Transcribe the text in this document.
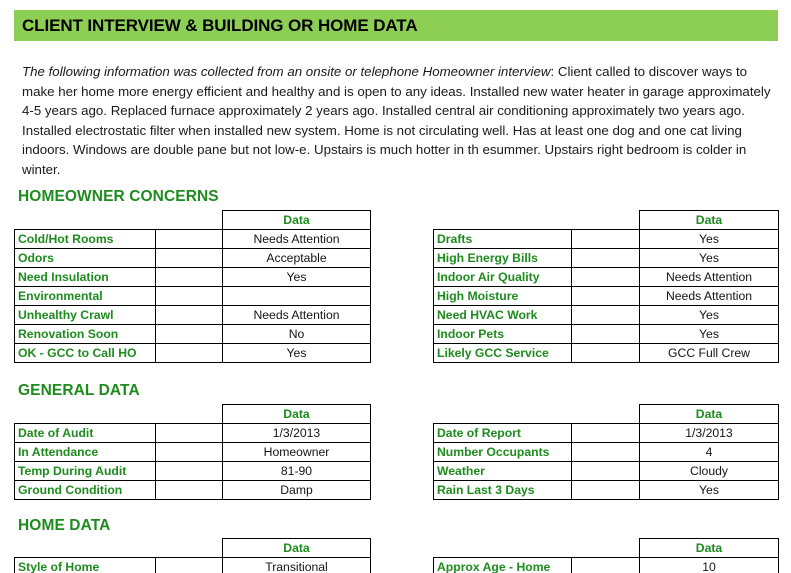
CLIENT INTERVIEW & BUILDING OR HOME DATA
The following information was collected from an onsite or telephone Homeowner interview: Client called to discover ways to make her home more energy efficient and healthy and is open to any ideas. Installed new water heater in garage approximately 4-5 years ago. Replaced furnace approximately 2 years ago. Installed central air conditioning approximately two years ago. Installed electrostatic filter when installed new system. Home is not circulating well. Has at least one dog and one cat living indoors. Windows are double pane but not low-e. Upstairs is much hotter in th esummer. Upstairs right bedroom is colder in winter.
HOMEOWNER CONCERNS
		Data
Cold/Hot Rooms		Needs Attention
Odors		Acceptable
Need Insulation		Yes
Environmental		
Unhealthy Crawl		Needs Attention
Renovation Soon		No
OK - GCC to Call HO		Yes
		Data
Drafts		Yes
High Energy Bills		Yes
Indoor Air Quality		Needs Attention
High Moisture		Needs Attention
Need HVAC Work		Yes
Indoor Pets		Yes
Likely GCC Service		GCC Full Crew
GENERAL DATA
		Data
Date of Audit		1/3/2013
In Attendance		Homeowner
Temp During Audit		81-90
Ground Condition		Damp
		Data
Date of Report		1/3/2013
Number Occupants		4
Weather		Cloudy
Rain Last 3 Days		Yes
HOME DATA
		Data
Style of Home		Transitional
		Data
Approx Age - Home		10
